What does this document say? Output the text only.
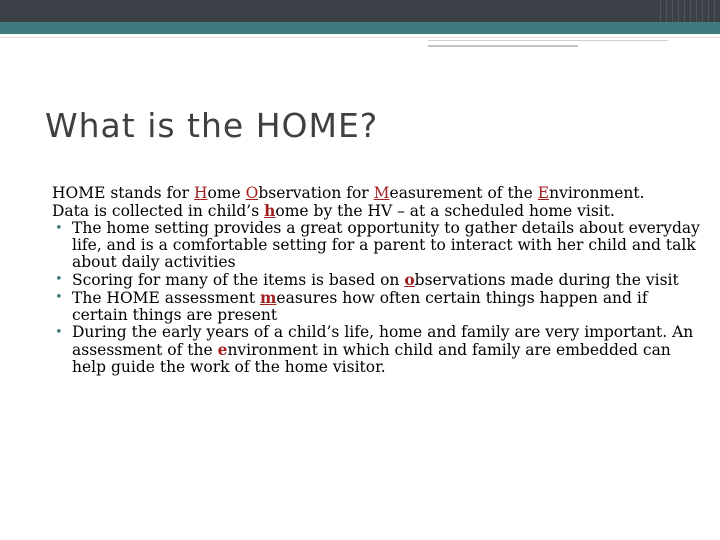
What is the HOME?

HOME stands for Home Observation for Measurement of the Environment.

Data is collected in child’s home by the HV – at a scheduled home visit.

• The home setting provides a great opportunity to gather details about everyday life, and is a comfortable setting for a parent to interact with her child and talk about daily activities
• Scoring for many of the items is based on observations made during the visit
• The HOME assessment measures how often certain things happen and if certain things are present
• During the early years of a child’s life, home and family are very important. An assessment of the environment in which child and family are embedded can help guide the work of the home visitor.
